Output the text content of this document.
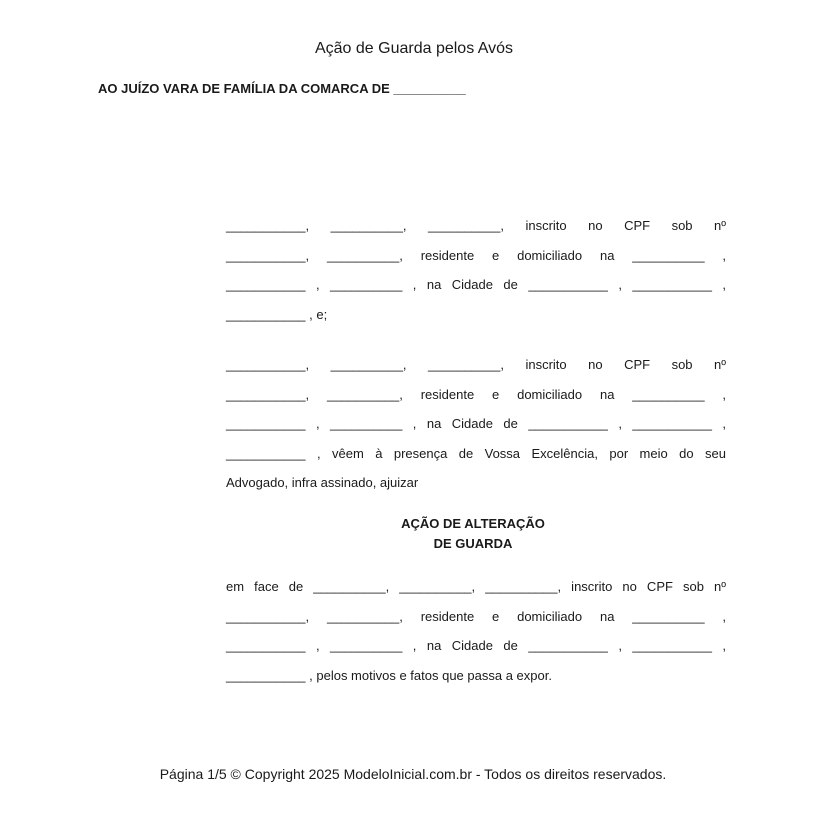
Ação de Guarda pelos Avós
AO JUÍZO VARA DE FAMÍLIA DA COMARCA DE __________
___________, __________, __________, inscrito no CPF sob nº
___________, __________, residente e domiciliado na __________ ,
___________ , __________ , na Cidade de ___________ , ___________ ,
___________ , e;
___________, __________, __________, inscrito no CPF sob nº
___________, __________, residente e domiciliado na __________ ,
___________ , __________ , na Cidade de ___________ , ___________ ,
___________ , vêem à presença de Vossa Excelência, por meio do seu
Advogado, infra assinado, ajuizar
AÇÃO DE ALTERAÇÃO
DE GUARDA
em face de __________, __________, __________, inscrito no CPF sob nº
___________, __________, residente e domiciliado na __________ ,
___________ , __________ , na Cidade de ___________ , ___________ ,
___________ , pelos motivos e fatos que passa a expor.
Página 1/5 © Copyright 2025 ModeloInicial.com.br - Todos os direitos reservados.
